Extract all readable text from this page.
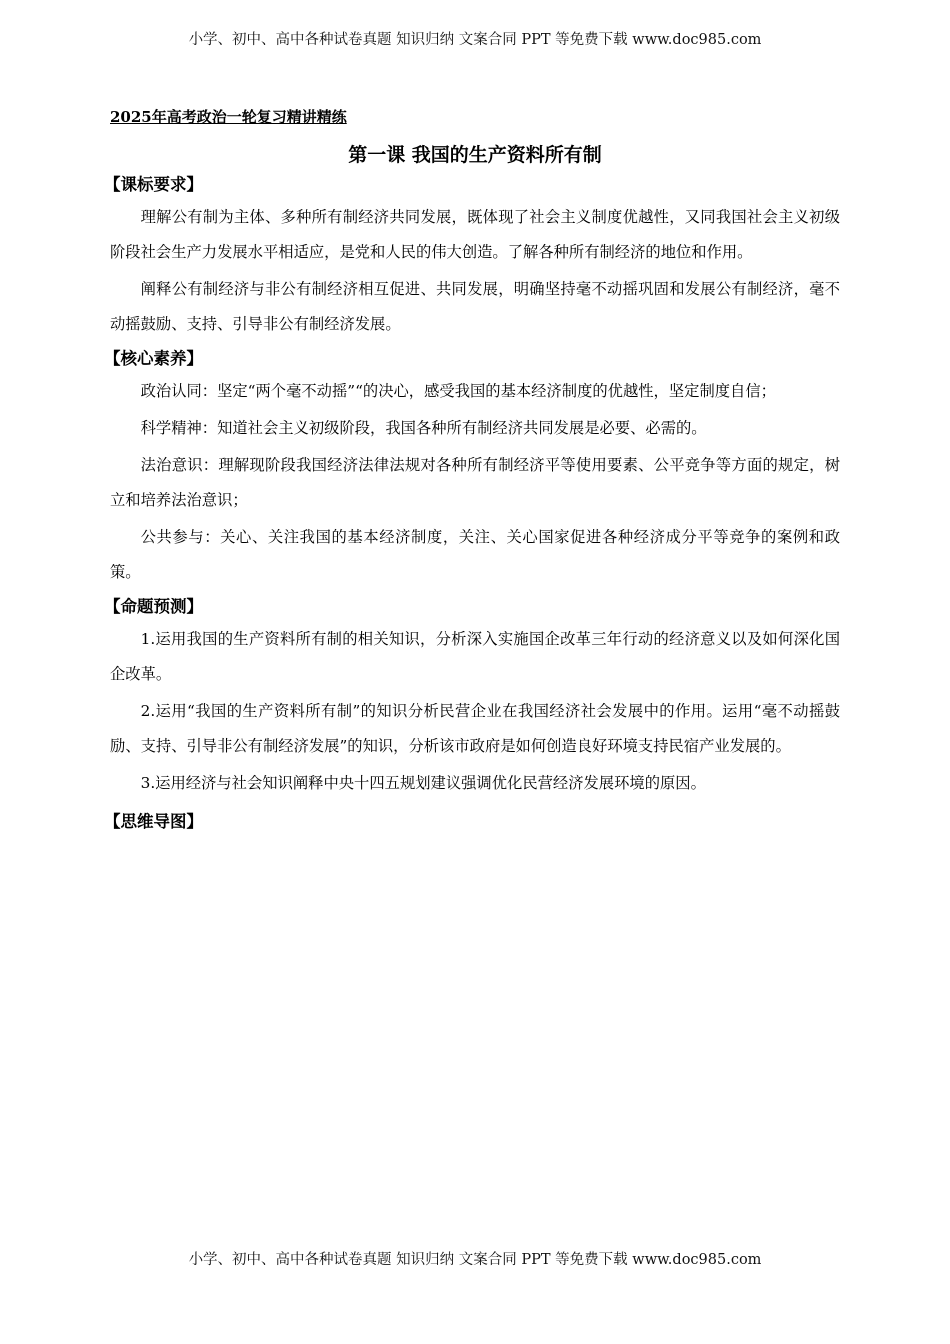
小学、初中、高中各种试卷真题 知识归纳 文案合同 PPT 等免费下载 www.doc985.com
2025年高考政治一轮复习精讲精练
第一课 我国的生产资料所有制
【课标要求】

理解公有制为主体、多种所有制经济共同发展，既体现了社会主义制度优越性，又同我国社会主义初级阶段社会生产力发展水平相适应，是党和人民的伟大创造。了解各种所有制经济的地位和作用。

阐释公有制经济与非公有制经济相互促进、共同发展，明确坚持毫不动摇巩固和发展公有制经济，毫不动摇鼓励、支持、引导非公有制经济发展。

【核心素养】

政治认同：坚定“两个毫不动摇”“的决心，感受我国的基本经济制度的优越性，坚定制度自信；

科学精神：知道社会主义初级阶段，我国各种所有制经济共同发展是必要、必需的。

法治意识：理解现阶段我国经济法律法规对各种所有制经济平等使用要素、公平竞争等方面的规定，树立和培养法治意识；

公共参与：关心、关注我国的基本经济制度，关注、关心国家促进各种经济成分平等竞争的案例和政策。

【命题预测】

1.运用我国的生产资料所有制的相关知识，分析深入实施国企改革三年行动的经济意义以及如何深化国企改革。

2.运用“我国的生产资料所有制”的知识分析民营企业在我国经济社会发展中的作用。运用“毫不动摇鼓励、支持、引导非公有制经济发展”的知识，分析该市政府是如何创造良好环境支持民宿产业发展的。

3.运用经济与社会知识阐释中央十四五规划建议强调优化民营经济发展环境的原因。

【思维导图】
小学、初中、高中各种试卷真题 知识归纳 文案合同 PPT 等免费下载 www.doc985.com
